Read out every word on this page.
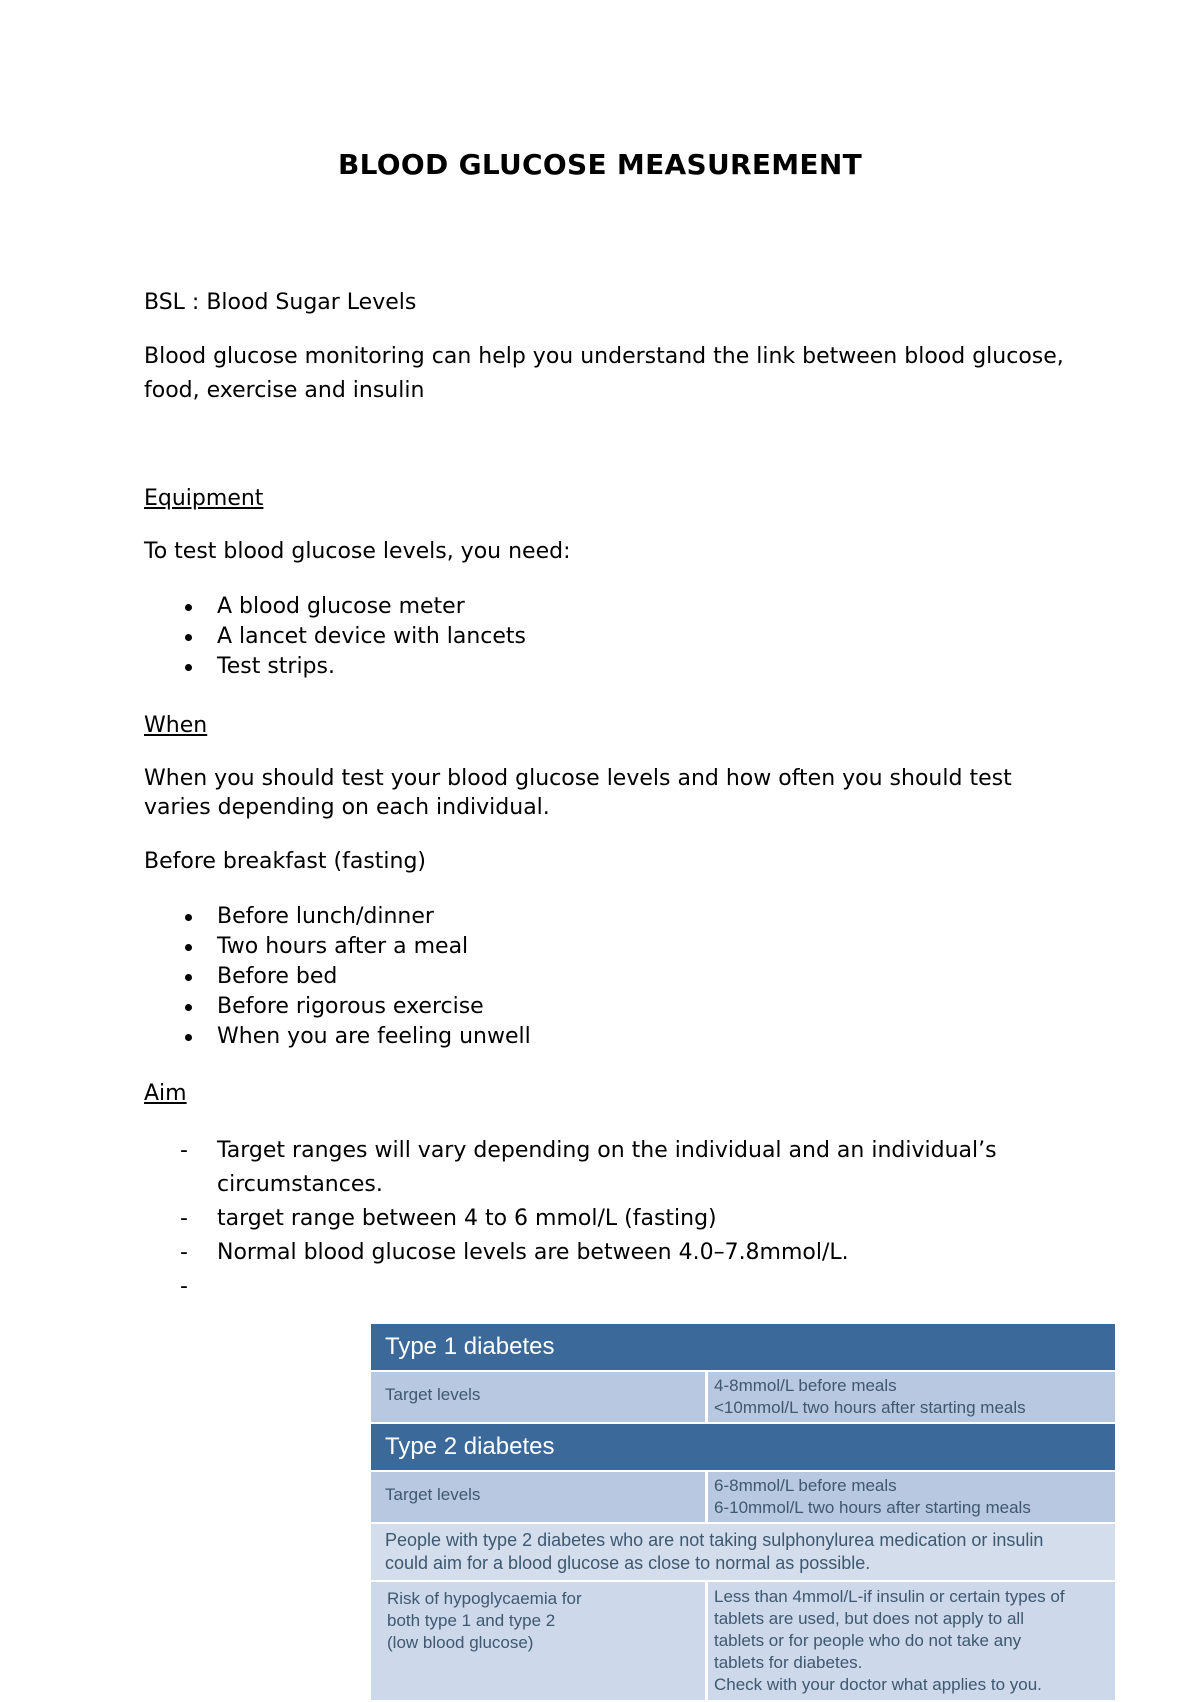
BLOOD GLUCOSE MEASUREMENT
BSL : Blood Sugar Levels
Blood glucose monitoring can help you understand the link between blood glucose,
food, exercise and insulin
Equipment
To test blood glucose levels, you need:
A blood glucose meter
A lancet device with lancets
Test strips.
When
When you should test your blood glucose levels and how often you should test
varies depending on each individual.
Before breakfast (fasting)
Before lunch/dinner
Two hours after a meal
Before bed
Before rigorous exercise
When you are feeling unwell
Aim
- Target ranges will vary depending on the individual and an individual’s circumstances.
- target range between 4 to 6 mmol/L (fasting)
- Normal blood glucose levels are between 4.0–7.8mmol/L.
-
Type 1 diabetes
Target levels	4-8mmol/L before meals
<10mmol/L two hours after starting meals
Type 2 diabetes
Target levels	6-8mmol/L before meals
6-10mmol/L two hours after starting meals
People with type 2 diabetes who are not taking sulphonylurea medication or insulin
could aim for a blood glucose as close to normal as possible.
Risk of hypoglycaemia for
both type 1 and type 2
(low blood glucose)
Less than 4mmol/L-if insulin or certain types of
tablets are used, but does not apply to all
tablets or for people who do not take any
tablets for diabetes.
Check with your doctor what applies to you.
